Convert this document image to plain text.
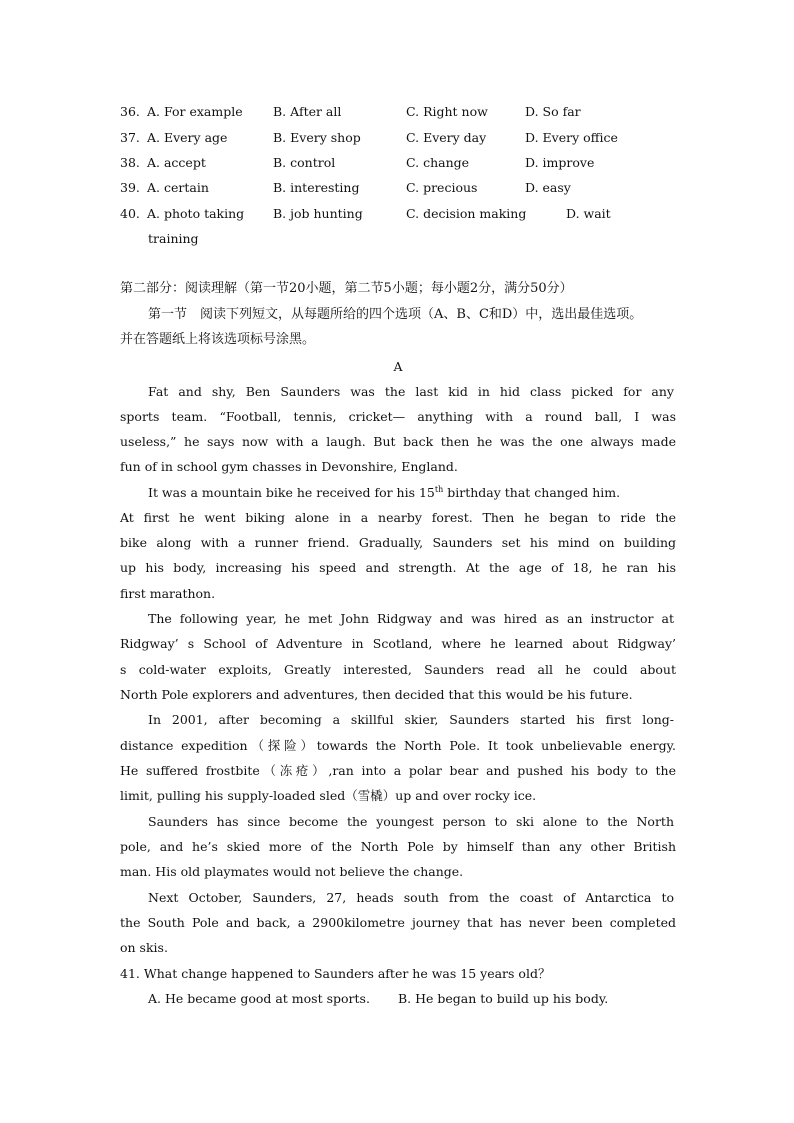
36. A. For example B. After all	C. Right now	D. So far
37. A. Every age	B. Every shop	C. Every day	D. Every office
38. A. accept	B. control	C. change	D. improve
39. A. certain	B. interesting	C. precious	D. easy
40. A. photo taking B. job hunting	C. decision making	D. wait
training
第二部分：阅读理解（第一节20小题，第二节5小题；每小题2分，满分50分）
第一节　阅读下列短文，从每题所给的四个选项（A、B、C和D）中，选出最佳选项。
并在答题纸上将该选项标号涂黑。
A
Fat and shy, Ben Saunders was the last kid in hid class picked for any
sports team. “Football, tennis, cricket— anything with a round ball, I was
useless,” he says now with a laugh. But back then he was the one always made
fun of in school gym chasses in Devonshire, England.
It was a mountain bike he received for his 15th birthday that changed him.
At first he went biking alone in a nearby forest. Then he began to ride the
bike along with a runner friend. Gradually, Saunders set his mind on building
up his body, increasing his speed and strength. At the age of 18, he ran his
first marathon.
The following year, he met John Ridgway and was hired as an instructor at
Ridgway’ s School of Adventure in Scotland, where he learned about Ridgway’
s cold-water exploits, Greatly interested, Saunders read all he could about
North Pole explorers and adventures, then decided that this would be his future.
In 2001, after becoming a skillful skier, Saunders started his first long-
distance expedition（探险）towards the North Pole. It took unbelievable energy.
He suffered frostbite（冻疮）,ran into a polar bear and pushed his body to the
limit, pulling his supply-loaded sled（雪橇）up and over rocky ice.
Saunders has since become the youngest person to ski alone to the North
pole, and he’s skied more of the North Pole by himself than any other British
man. His old playmates would not believe the change.
Next October, Saunders, 27, heads south from the coast of Antarctica to
the South Pole and back, a 2900kilometre journey that has never been completed
on skis.
41. What change happened to Saunders after he was 15 years old？
A. He became good at most sports. B. He began to build up his body.
